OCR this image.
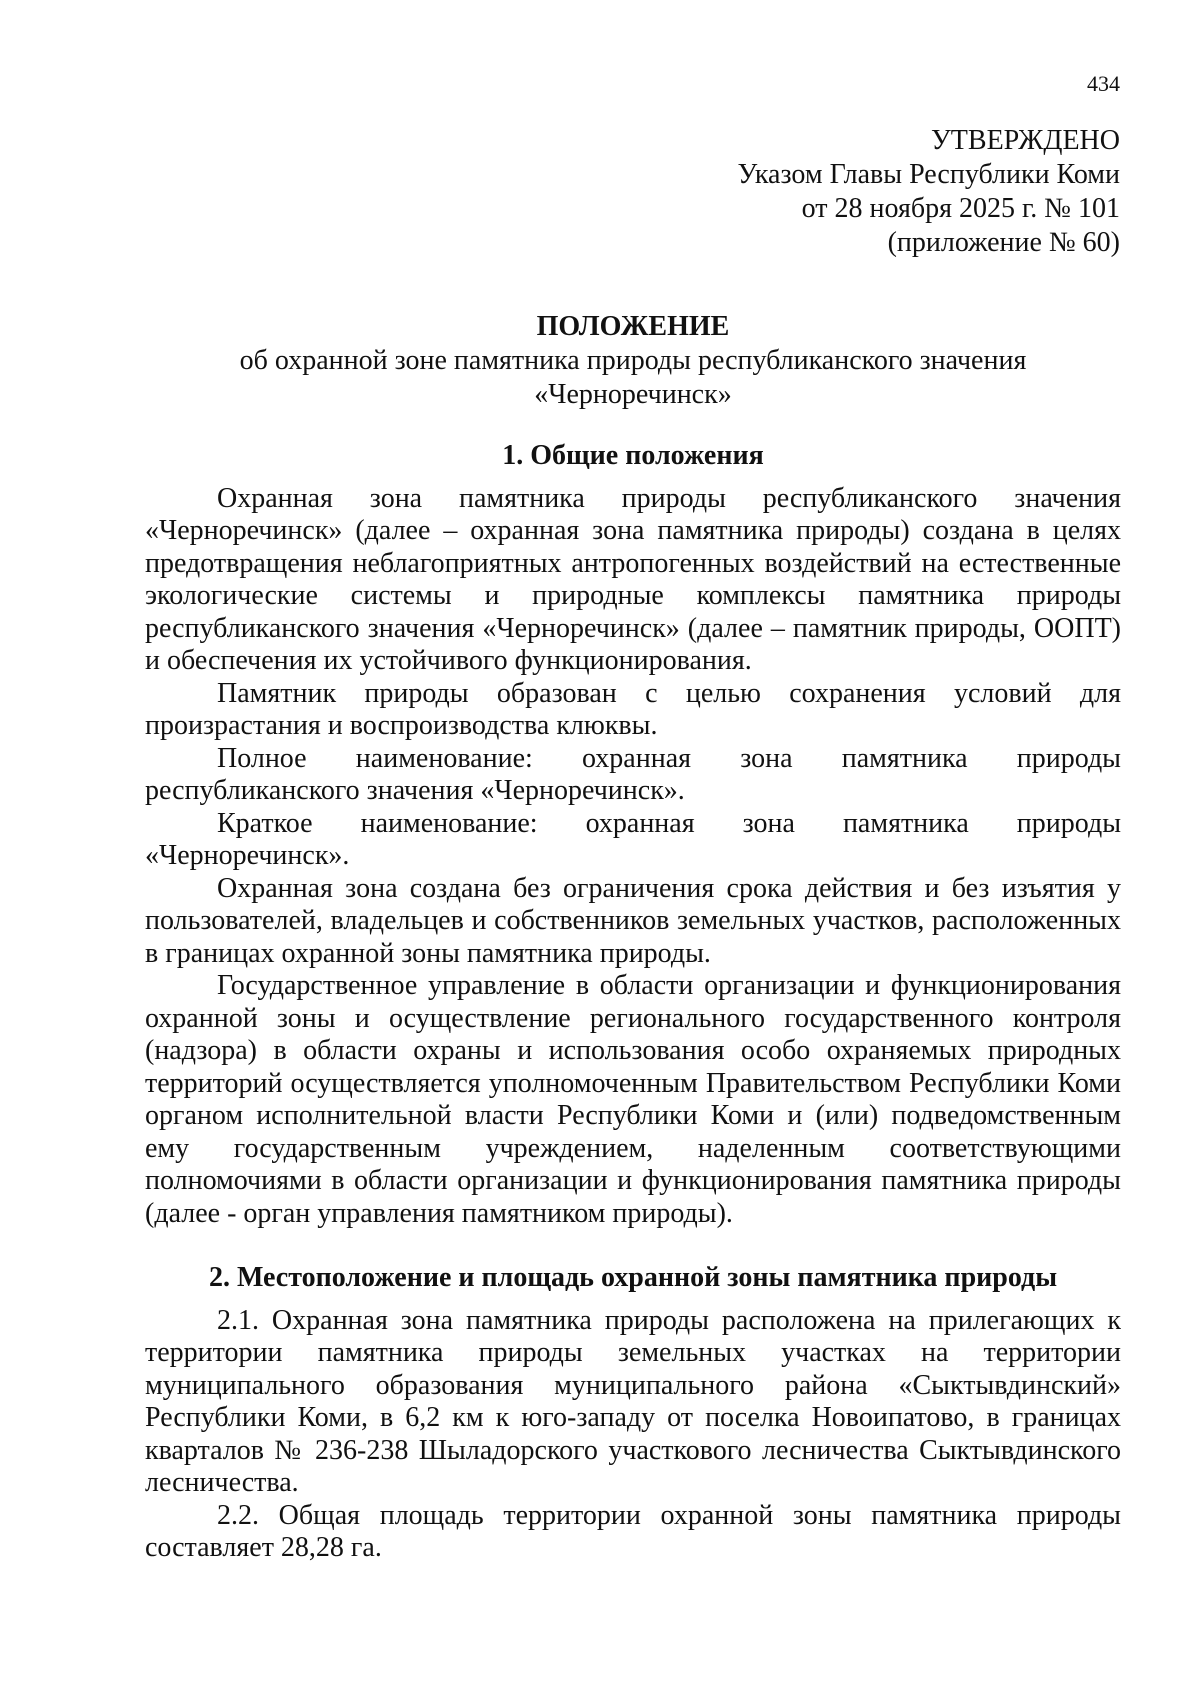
434
УТВЕРЖДЕНО
Указом Главы Республики Коми
от 28 ноября 2025 г. № 101
(приложение № 60)
ПОЛОЖЕНИЕ
об охранной зоне памятника природы республиканского значения
«Черноречинск»
1. Общие положения

Охранная зона памятника природы республиканского значения «Черноречинск» (далее – охранная зона памятника природы) создана в целях предотвращения неблагоприятных антропогенных воздействий на естественные экологические системы и природные комплексы памятника природы республиканского значения «Черноречинск» (далее – памятник природы, ООПТ) и обеспечения их устойчивого функционирования.

Памятник природы образован с целью сохранения условий для произрастания и воспроизводства клюквы.

Полное наименование: охранная зона памятника природы республиканского значения «Черноречинск».

Краткое наименование: охранная зона памятника природы «Черноречинск».

Охранная зона создана без ограничения срока действия и без изъятия у пользователей, владельцев и собственников земельных участков, расположенных в границах охранной зоны памятника природы.

Государственное управление в области организации и функционирования охранной зоны и осуществление регионального государственного контроля (надзора) в области охраны и использования особо охраняемых природных территорий осуществляется уполномоченным Правительством Республики Коми органом исполнительной власти Республики Коми и (или) подведомственным ему государственным учреждением, наделенным соответствующими полномочиями в области организации и функционирования памятника природы (далее - орган управления памятником природы).

2. Местоположение и площадь охранной зоны памятника природы

2.1. Охранная зона памятника природы расположена на прилегающих к территории памятника природы земельных участках на территории муниципального образования муниципального района «Сыктывдинский» Республики Коми, в 6,2 км к юго-западу от поселка Новоипатово, в границах кварталов № 236-238 Шыладорского участкового лесничества Сыктывдинского лесничества.

2.2. Общая площадь территории охранной зоны памятника природы составляет 28,28 га.
